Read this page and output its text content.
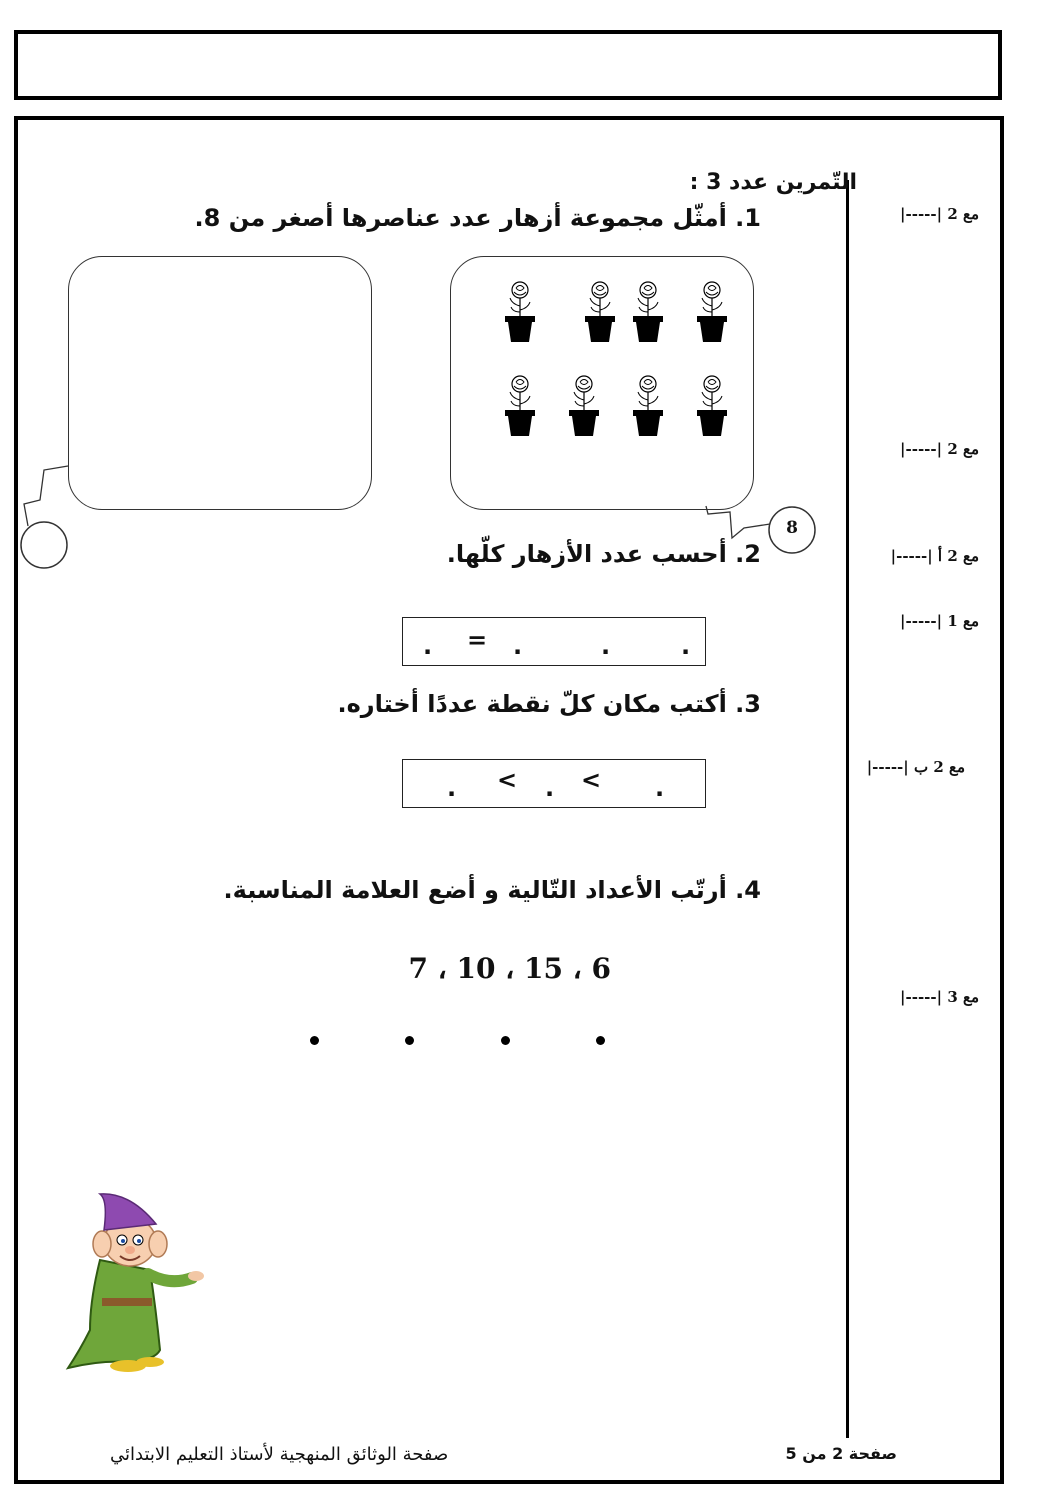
التّمرين عدد 3 :
1. أمثّل مجموعة أزهار عدد عناصرها أصغر من 8.	مع 2 |-----|
مع 2 |-----|
مع 2 أ |-----|
مع 1 |-----|
مع 2 ب |-----|
مع 3 |-----|
8
2. أحسب عدد الأزهار كلّها.
. = .	.	.
3. أكتب مكان كلّ نقطة عددًا أختاره.
. < . < .
4. أرتّب الأعداد التّالية و أضع العلامة المناسبة.
7 ، 10 ، 15 ، 6
صفحة الوثائق المنهجية لأستاذ التعليم الابتدائي	صفحة 2 من 5
